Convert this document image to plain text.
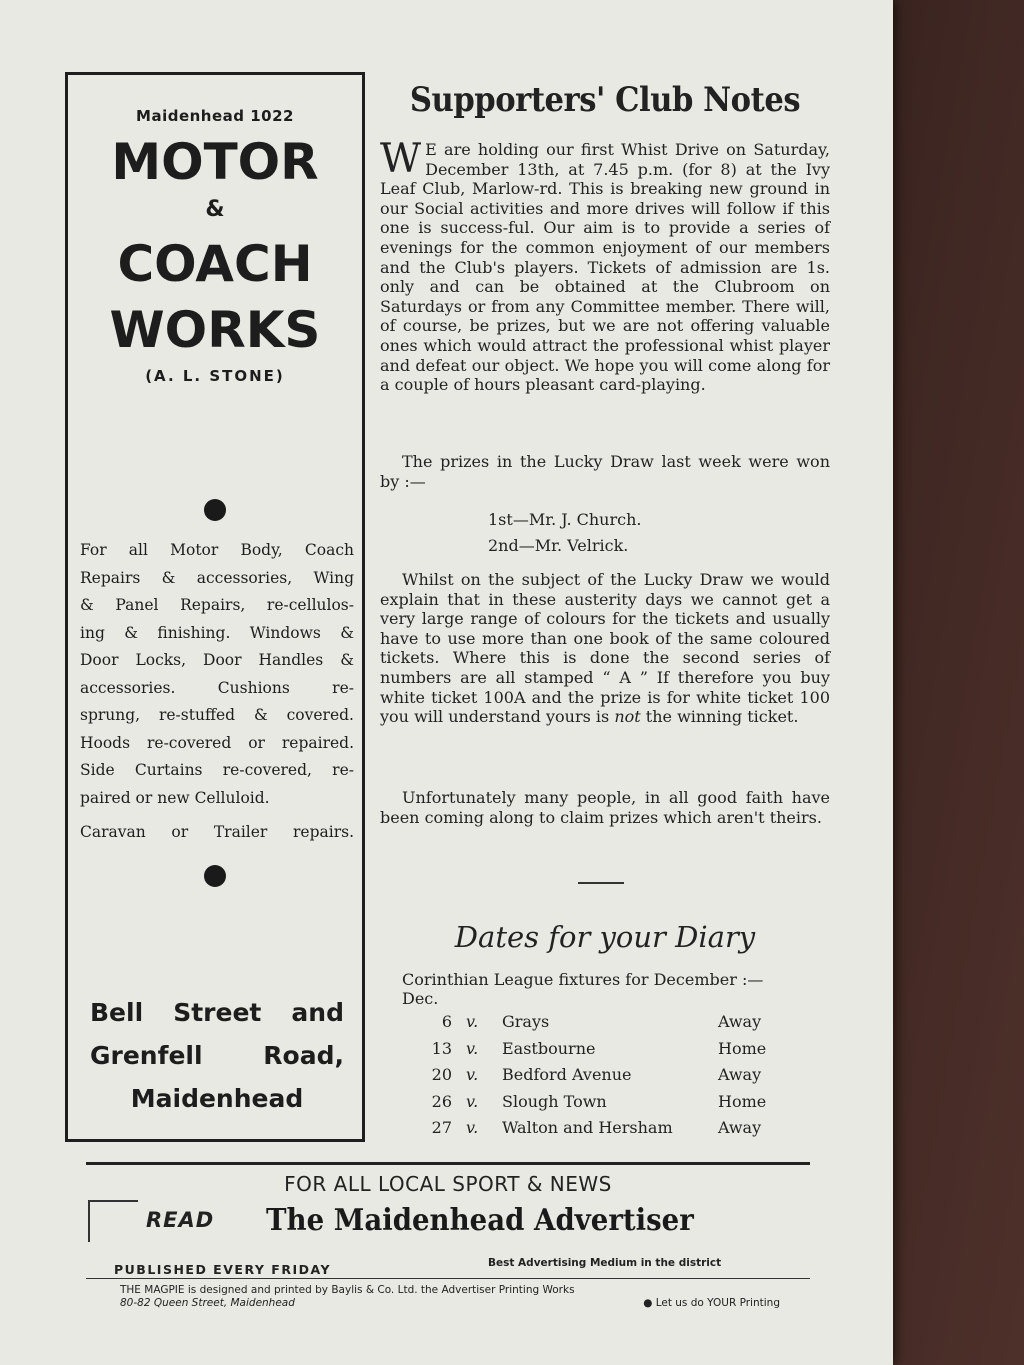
Maidenhead 1022
MOTOR
&
COACH
WORKS
(A. L. STONE)
For all Motor Body, Coach
Repairs & accessories, Wing
& Panel Repairs, re-cellulos-
ing & finishing. Windows &
Door Locks, Door Handles &
accessories. Cushions re-
sprung, re-stuffed & covered.
Hoods re-covered or repaired.
Side Curtains re-covered, re-
paired or new Celluloid.
Caravan or Trailer repairs.
Bell Street and
Grenfell Road,
Maidenhead
Supporters' Club Notes
W E are holding our first Whist Drive on Saturday, December 13th, at 7.45 p.m. (for 8) at the Ivy Leaf Club, Marlow-rd. This is breaking new ground in our Social activities and more drives will follow if this one is success-ful. Our aim is to provide a series of evenings for the common enjoyment of our members and the Club's players. Tickets of admission are 1s. only and can be obtained at the Clubroom on Saturdays or from any Committee member. There will, of course, be prizes, but we are not offering valuable ones which would attract the professional whist player and defeat our object. We hope you will come along for a couple of hours pleasant card-playing.
The prizes in the Lucky Draw last week were won by :—
1st—Mr. J. Church.
2nd—Mr. Velrick.
Whilst on the subject of the Lucky Draw we would explain that in these austerity days we cannot get a very large range of colours for the tickets and usually have to use more than one book of the same coloured tickets. Where this is done the second series of numbers are all stamped “ A ” If therefore you buy white ticket 100A and the prize is for white ticket 100 you will understand yours is not the winning ticket.
Unfortunately many people, in all good faith have been coming along to claim prizes which aren't theirs.
Dates for your Diary
Corinthian League fixtures for December :—
Dec.
6 v. Grays	Away
13 v. Eastbourne	Home
20 v. Bedford Avenue	Away
26 v. Slough Town	Home
27 v. Walton and Hersham	Away
FOR ALL LOCAL SPORT & NEWS
READ The Maidenhead Advertiser
PUBLISHED EVERY FRIDAY	Best Advertising Medium in the district
THE MAGPIE is designed and printed by Baylis & Co. Ltd. the Advertiser Printing Works
80-82 Queen Street, Maidenhead	● Let us do YOUR Printing
